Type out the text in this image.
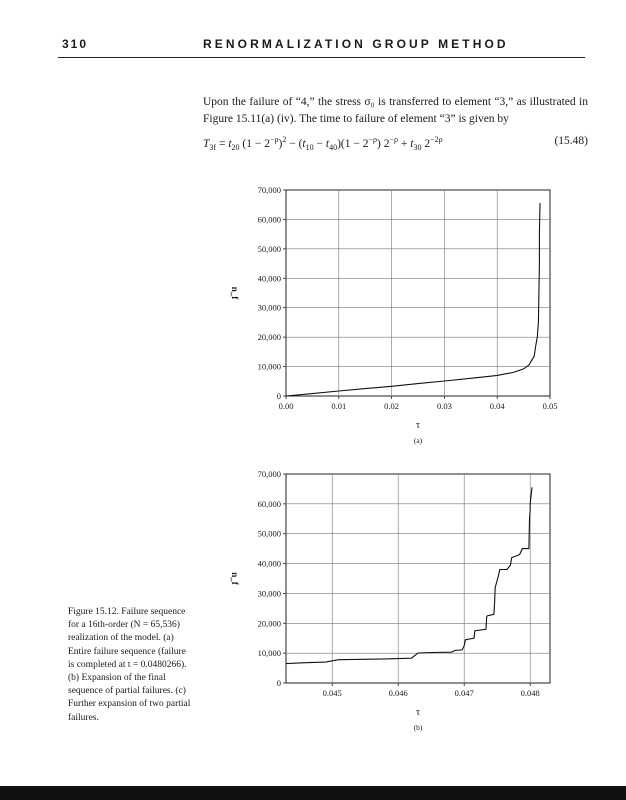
310	RENORMALIZATION GROUP METHOD
Upon the failure of “4,” the stress σ₀ is transferred to element “3,” as illustrated in Figure 15.11(a) (iv). The time to failure of element “3” is given by
$T_{3f} = t_{20}$ $(1 - 2^{-\rho})^2 - (t_{10} - t_{40})(1 - 2^{-\rho})$ $2^{-\rho} + t_{30}$ $2^{-2\rho}$	(15.48)
0
10,000
20,000
30,000
40,000
50,000
60,000
70,000
0.00	0.01	0.02	0.03	0.04	0.05
τ
n_f
(a)
0
10,000
20,000
30,000
40,000
50,000
60,000
70,000
0.045	0.046	0.047	0.048
τ
n_f
(b)
Figure 15.12. Failure sequence for a 16th-order (N = 65,536) realization of the model. (a) Entire failure sequence (failure is completed at t = 0.0480266). (b) Expansion of the final sequence of partial failures. (c) Further expansion of two partial failures.
